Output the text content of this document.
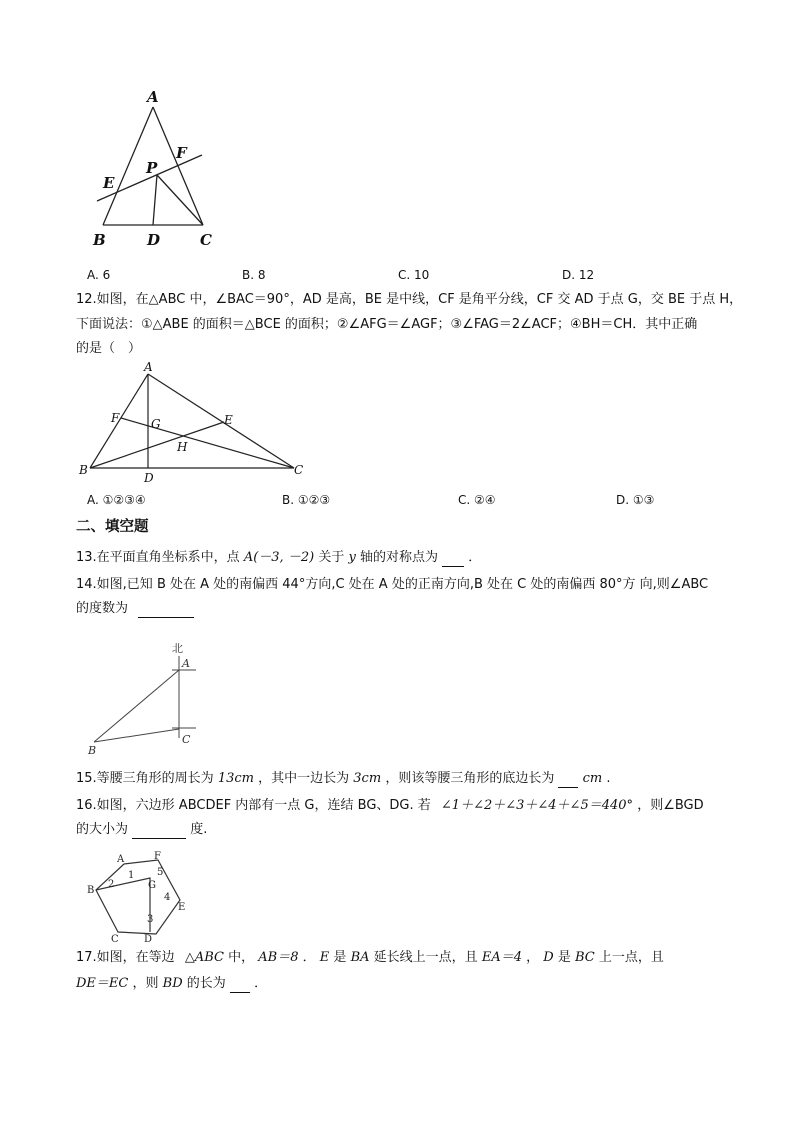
A
B	C
D
E
F
P
A. 6	B. 8	C. 10	D. 12
12.如图，在△ABC 中，∠BAC＝90°，AD 是高，BE 是中线，CF 是角平分线，CF 交 AD 于点 G，交 BE 于点 H，
下面说法：①△ABE 的面积＝△BCE 的面积；②∠AFG＝∠AGF；③∠FAG＝2∠ACF；④BH＝CH．其中正确
的是（　）
A
B	C
D
E
F	G
H
A. ①②③④	B. ①②③	C. ②④	D. ①③
二、填空题
13.在平面直角坐标系中，点 A(－3, －2) 关于 y 轴的对称点为 ．
14.如图,已知 B 处在 A 处的南偏西 44°方向,C 处在 A 处的正南方向,B 处在 C 处的南偏西 80°方 向,则∠ABC
的度数为
北
A
C
B
15.等腰三角形的周长为 13cm ，其中一边长为 3cm ，则该等腰三角形的底边长为 cm .
16.如图，六边形 ABCDEF 内部有一点 G，连结 BG、DG. 若 ∠1＋∠2＋∠3＋∠4＋∠5＝440° ，则∠BGD
的大小为	度.
A	F
B
E
C	D
G
1
2
3
4
5
17.如图，在等边 △ABC 中， AB＝8 ． E 是 BA 延长线上一点，且 EA＝4 ， D 是 BC 上一点，且
DE＝EC ，则 BD 的长为 ．
